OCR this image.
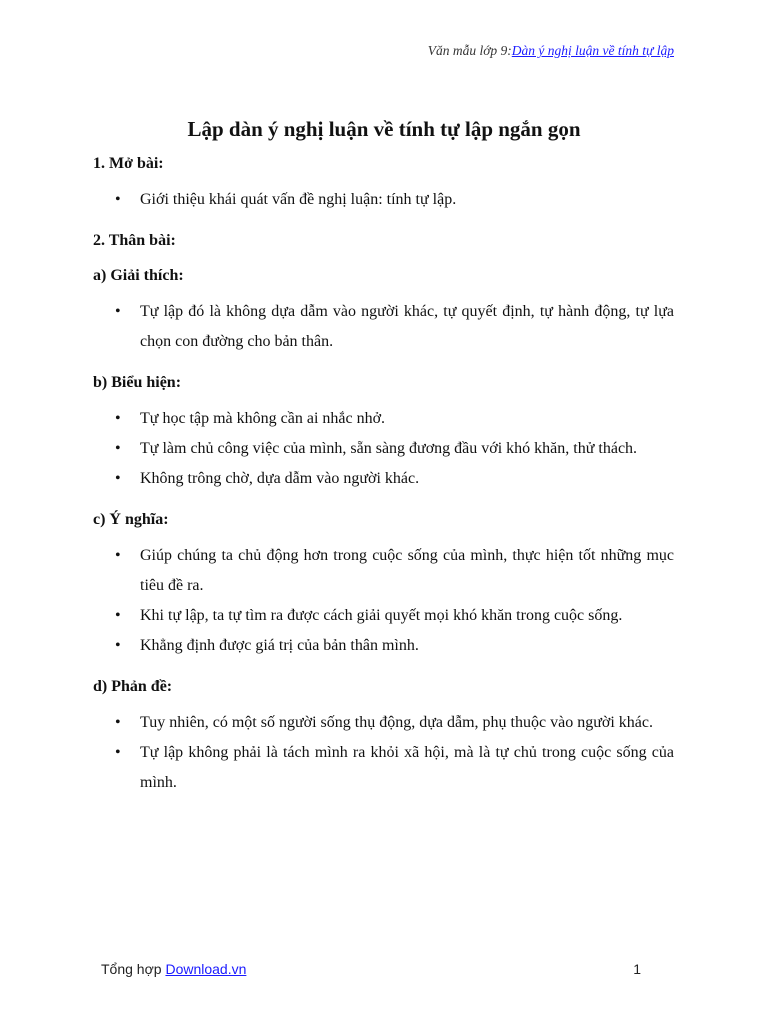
Văn mẫu lớp 9:Dàn ý nghị luận về tính tự lập
Lập dàn ý nghị luận về tính tự lập ngắn gọn

1. Mở bài:

• Giới thiệu khái quát vấn đề nghị luận: tính tự lập.

2. Thân bài:

a) Giải thích:

• Tự lập đó là không dựa dẫm vào người khác, tự quyết định, tự hành động, tự lựa chọn con đường cho bản thân.

b) Biểu hiện:

• Tự học tập mà không cần ai nhắc nhở.
• Tự làm chủ công việc của mình, sẵn sàng đương đầu với khó khăn, thử thách.
• Không trông chờ, dựa dẫm vào người khác.

c) Ý nghĩa:

• Giúp chúng ta chủ động hơn trong cuộc sống của mình, thực hiện tốt những mục tiêu đề ra.
• Khi tự lập, ta tự tìm ra được cách giải quyết mọi khó khăn trong cuộc sống.
• Khẳng định được giá trị của bản thân mình.

d) Phản đề:

• Tuy nhiên, có một số người sống thụ động, dựa dẫm, phụ thuộc vào người khác.
• Tự lập không phải là tách mình ra khỏi xã hội, mà là tự chủ trong cuộc sống của mình.
Tổng hợp Download.vn	1
